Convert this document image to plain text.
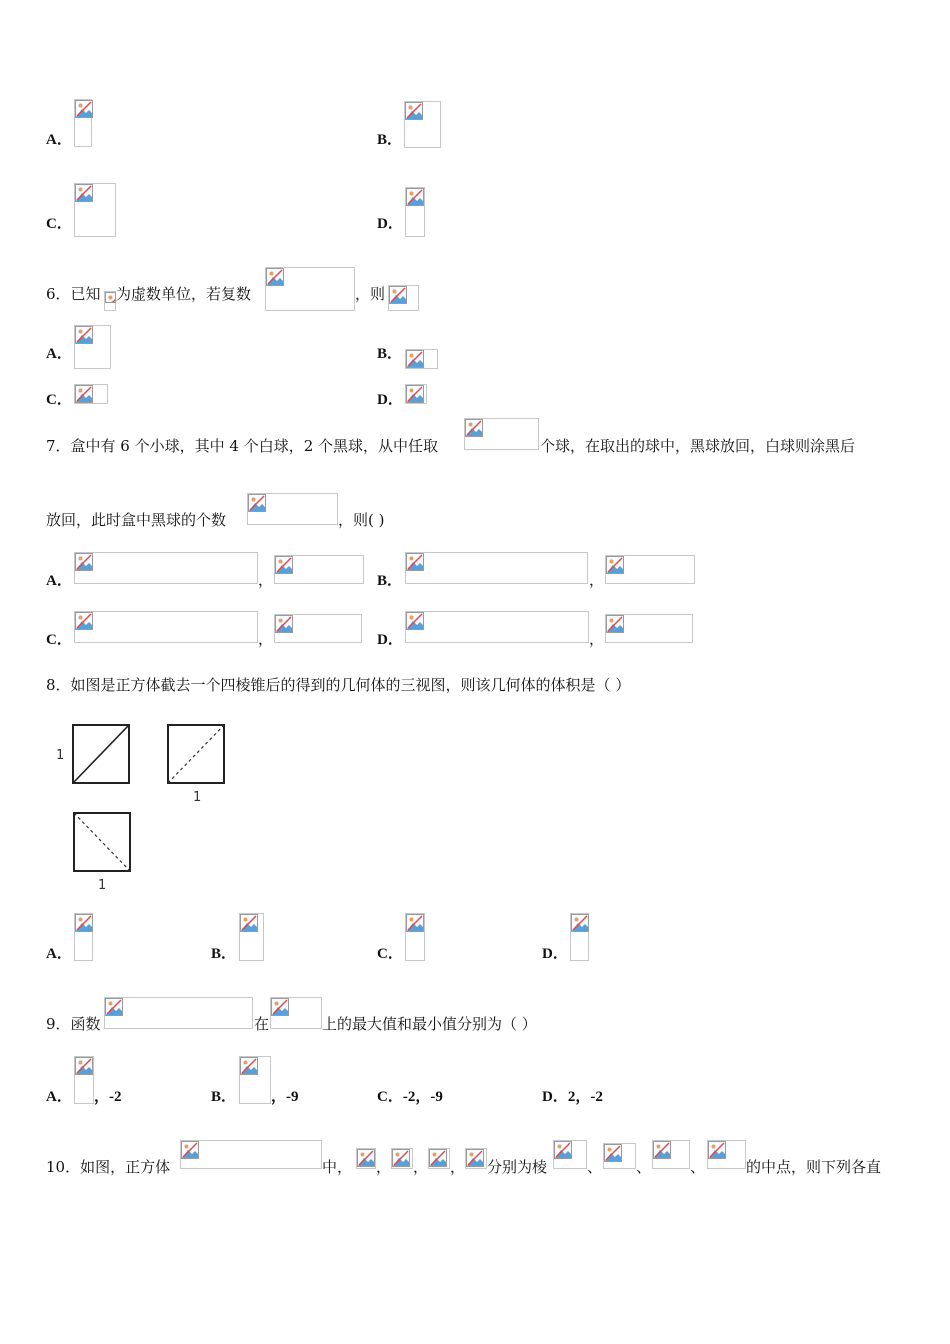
A．	B．
C．	D．
6．已知 为虚数单位，若复数	，则
A．	B．
C．	D．
7．盒中有 6 个小球，其中 4 个白球，2 个黑球，从中任取	个球，在取出的球中，黑球放回，白球则涂黑后
放回，此时盒中黑球的个数	，则( )
A．	，	B．	，
C．	，	D．	，
8．如图是正方体截去一个四棱锥后的得到的几何体的三视图，则该几何体的体积是（ ）
1
1
1
A．	B．	C．	D．
9．函数	在	上的最大值和最小值分别为（ ）
A． ，-2	B． ，-9	C．-2，-9	D．2，-2
10．如图，正方体	中， ， ， ， 分别为棱	、 、	、	的中点，则下列各直
